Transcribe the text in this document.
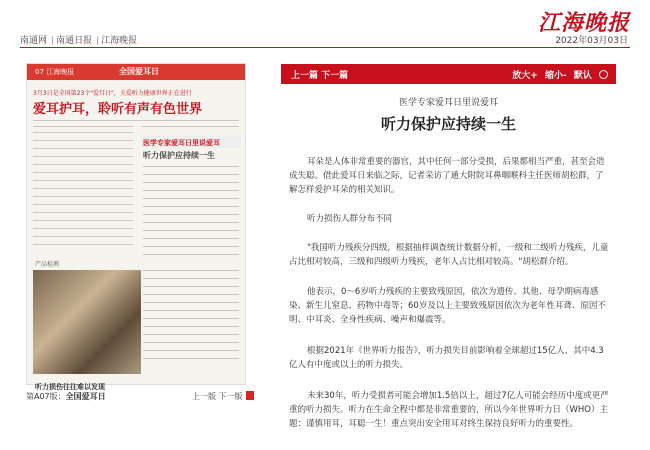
南通网 | 南通日报 | 江海晚报
江海晚报
2022年03月03日
07 江海晚报	全国爱耳日
3月3日是全国第23个"爱耳日"，关爱听力健康世界正在进行
爱耳护耳，聆听有声有色世界
医学专家爱耳日里说爱耳
听力保护应持续一生
产品检测
听力损伤往往难以发现
第A07版：全国爱耳日	上一版 下一版
上一篇 下一篇	放大+ 缩小- 默认
医学专家爱耳日里说爱耳
听力保护应持续一生

耳朵是人体非常重要的器官，其中任何一部分受损，后果都相当严重，甚至会造成失聪。借此爱耳日来临之际，记者采访了通大附院耳鼻咽喉科主任医师胡松群，了解怎样爱护耳朵的相关知识。

听力损伤人群分布不同

"我国听力残疾分四级，根据抽样调查统计数据分析，一级和二级听力残疾，儿童占比相对较高，三级和四级听力残疾，老年人占比相对较高。"胡松群介绍。

他表示，0～6岁听力残疾的主要致残原因，依次为遗传、其他、母孕期病毒感染、新生儿窒息、药物中毒等；60岁及以上主要致残原因依次为老年性耳聋、原因不明、中耳炎、全身性疾病、噪声和爆震等。

根据2021年《世界听力报告》，听力损失目前影响着全球超过15亿人，其中4.3亿人有中度或以上的听力损失。

未来30年，听力受损者可能会增加1.5倍以上，超过7亿人可能会经历中度或更严重的听力损失。听力在生命全程中都是非常重要的，所以今年世界听力日（WHO）主题：谨慎用耳，耳聪一生！重点突出安全用耳对终生保持良好听力的重要性。
